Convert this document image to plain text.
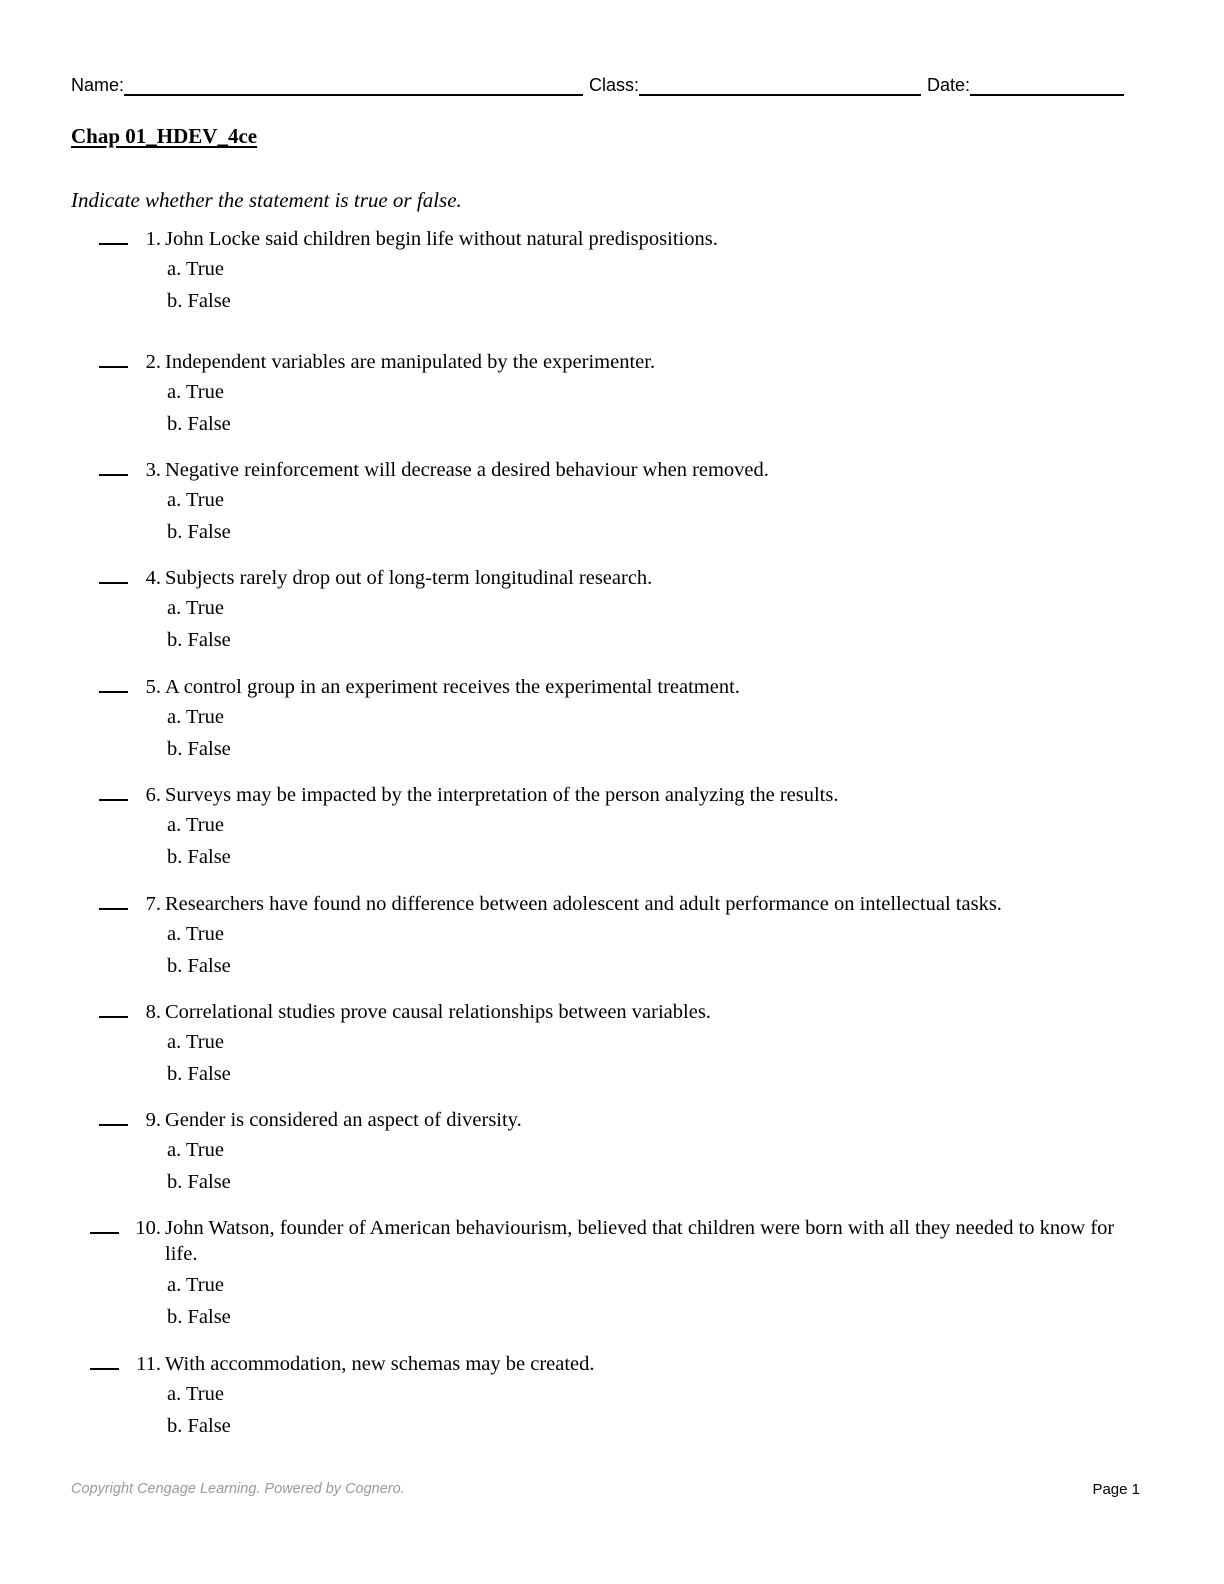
Name:	Class:	Date:
Chap 01_HDEV_4ce
Indicate whether the statement is true or false.
1. John Locke said children begin life without natural predispositions.
a. True
b. False
2. Independent variables are manipulated by the experimenter.
a. True
b. False
3. Negative reinforcement will decrease a desired behaviour when removed.
a. True
b. False
4. Subjects rarely drop out of long-term longitudinal research.
a. True
b. False
5. A control group in an experiment receives the experimental treatment.
a. True
b. False
6. Surveys may be impacted by the interpretation of the person analyzing the results.
a. True
b. False
7. Researchers have found no difference between adolescent and adult performance on intellectual tasks.
a. True
b. False
8. Correlational studies prove causal relationships between variables.
a. True
b. False
9. Gender is considered an aspect of diversity.
a. True
b. False
10. John Watson, founder of American behaviourism, believed that children were born with all they needed to know for life.
a. True
b. False
11. With accommodation, new schemas may be created.
a. True
b. False
Copyright Cengage Learning. Powered by Cognero.	Page 1
